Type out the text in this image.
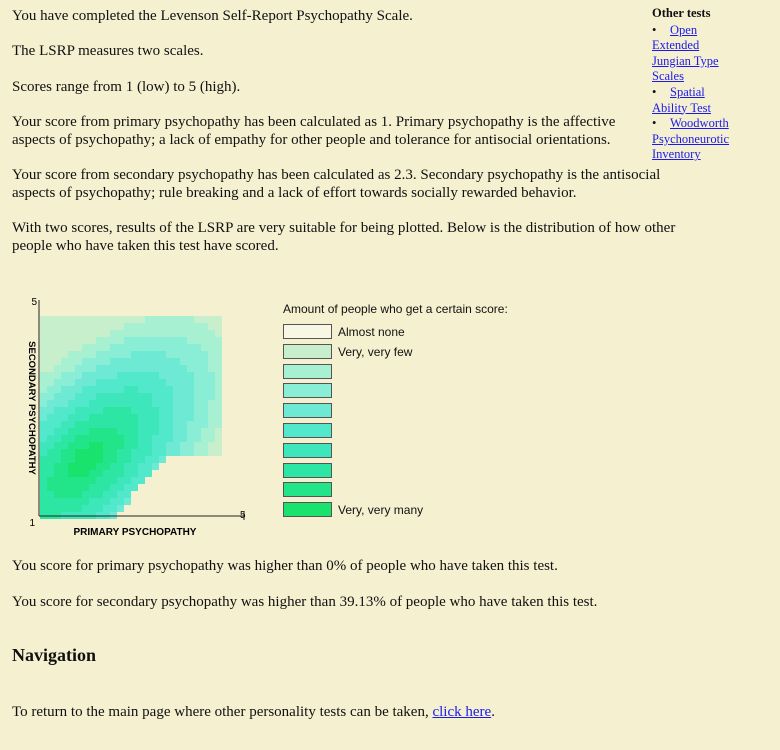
You have completed the Levenson Self-Report Psychopathy Scale.

The LSRP measures two scales.

Scores range from 1 (low) to 5 (high).

Your score from primary psychopathy has been calculated as 1. Primary psychopathy is the affective
aspects of psychopathy; a lack of empathy for other people and tolerance for antisocial orientations.

Your score from secondary psychopathy has been calculated as 2.3. Secondary psychopathy is the antisocial
aspects of psychopathy; rule breaking and a lack of effort towards socially rewarded behavior.

With two scores, results of the LSRP are very suitable for being plotted. Below is the distribution of how other
people who have taken this test have scored.

Other tests
• Open
Extended
Jungian Type
Scales
• Spatial
Ability Test
• Woodworth
Psychoneurotic
Inventory
5
1
5
PRIMARY PSYCHOPATHY
SECONDARY PSYCHOPATHY
Amount of people who get a certain score:
Almost none
Very, very few
Very, very many

You score for primary psychopathy was higher than 0% of people who have taken this test.

You score for secondary psychopathy was higher than 39.13% of people who have taken this test.

Navigation

To return to the main page where other personality tests can be taken, click here.
